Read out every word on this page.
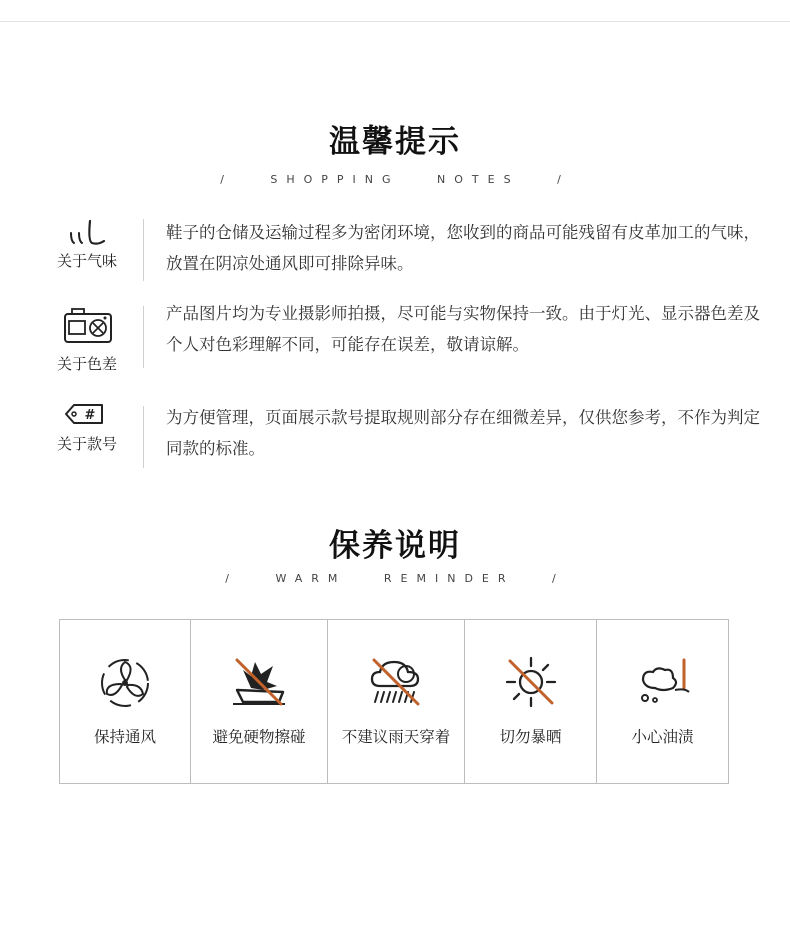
温馨提示
/   SHOPPING   NOTES   /
关于气味
鞋子的仓储及运输过程多为密闭环境，您收到的商品可能残留有皮革加工的气味，放置在阴凉处通风即可排除异味。
关于色差
产品图片均为专业摄影师拍摄，尽可能与实物保持一致。由于灯光、显示器色差及个人对色彩理解不同，可能存在误差，敬请谅解。
#
关于款号
为方便管理，页面展示款号提取规则部分存在细微差异，仅供您参考，不作为判定同款的标准。
保养说明
/   WARM   REMINDER   /
保持通风	避免硬物擦碰	不建议雨天穿着	切勿暴晒	小心油渍
